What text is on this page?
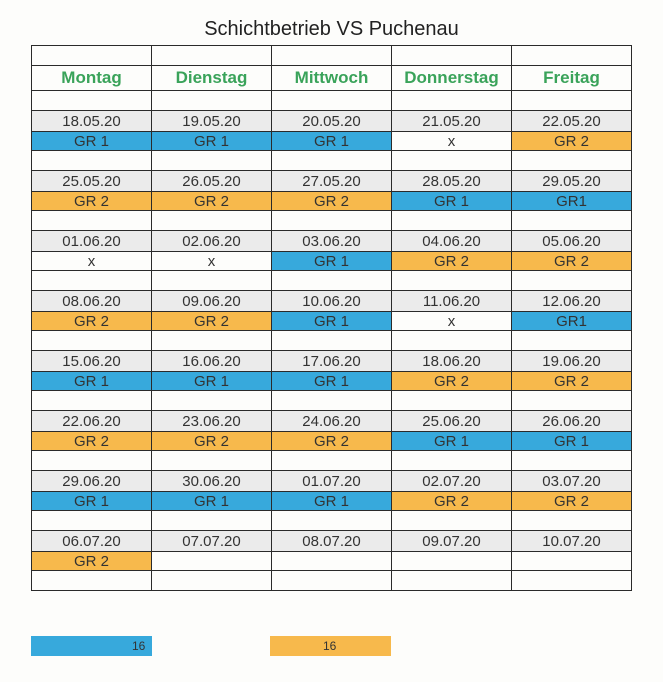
Schichtbetrieb VS Puchenau

Montag	Dienstag	Mittwoch	Donnerstag	Freitag

18.05.20	19.05.20	20.05.20	21.05.20	22.05.20
GR 1	GR 1	GR 1	x	GR 2

25.05.20	26.05.20	27.05.20	28.05.20	29.05.20
GR 2	GR 2	GR 2	GR 1	GR1

01.06.20	02.06.20	03.06.20	04.06.20	05.06.20
x	x	GR 1	GR 2	GR 2

08.06.20	09.06.20	10.06.20	11.06.20	12.06.20
GR 2	GR 2	GR 1	x	GR1

15.06.20	16.06.20	17.06.20	18.06.20	19.06.20
GR 1	GR 1	GR 1	GR 2	GR 2

22.06.20	23.06.20	24.06.20	25.06.20	26.06.20
GR 2	GR 2	GR 2	GR 1	GR 1

29.06.20	30.06.20	01.07.20	02.07.20	03.07.20
GR 1	GR 1	GR 1	GR 2	GR 2

06.07.20	07.07.20	08.07.20	09.07.20	10.07.20
GR 2				

16	16
